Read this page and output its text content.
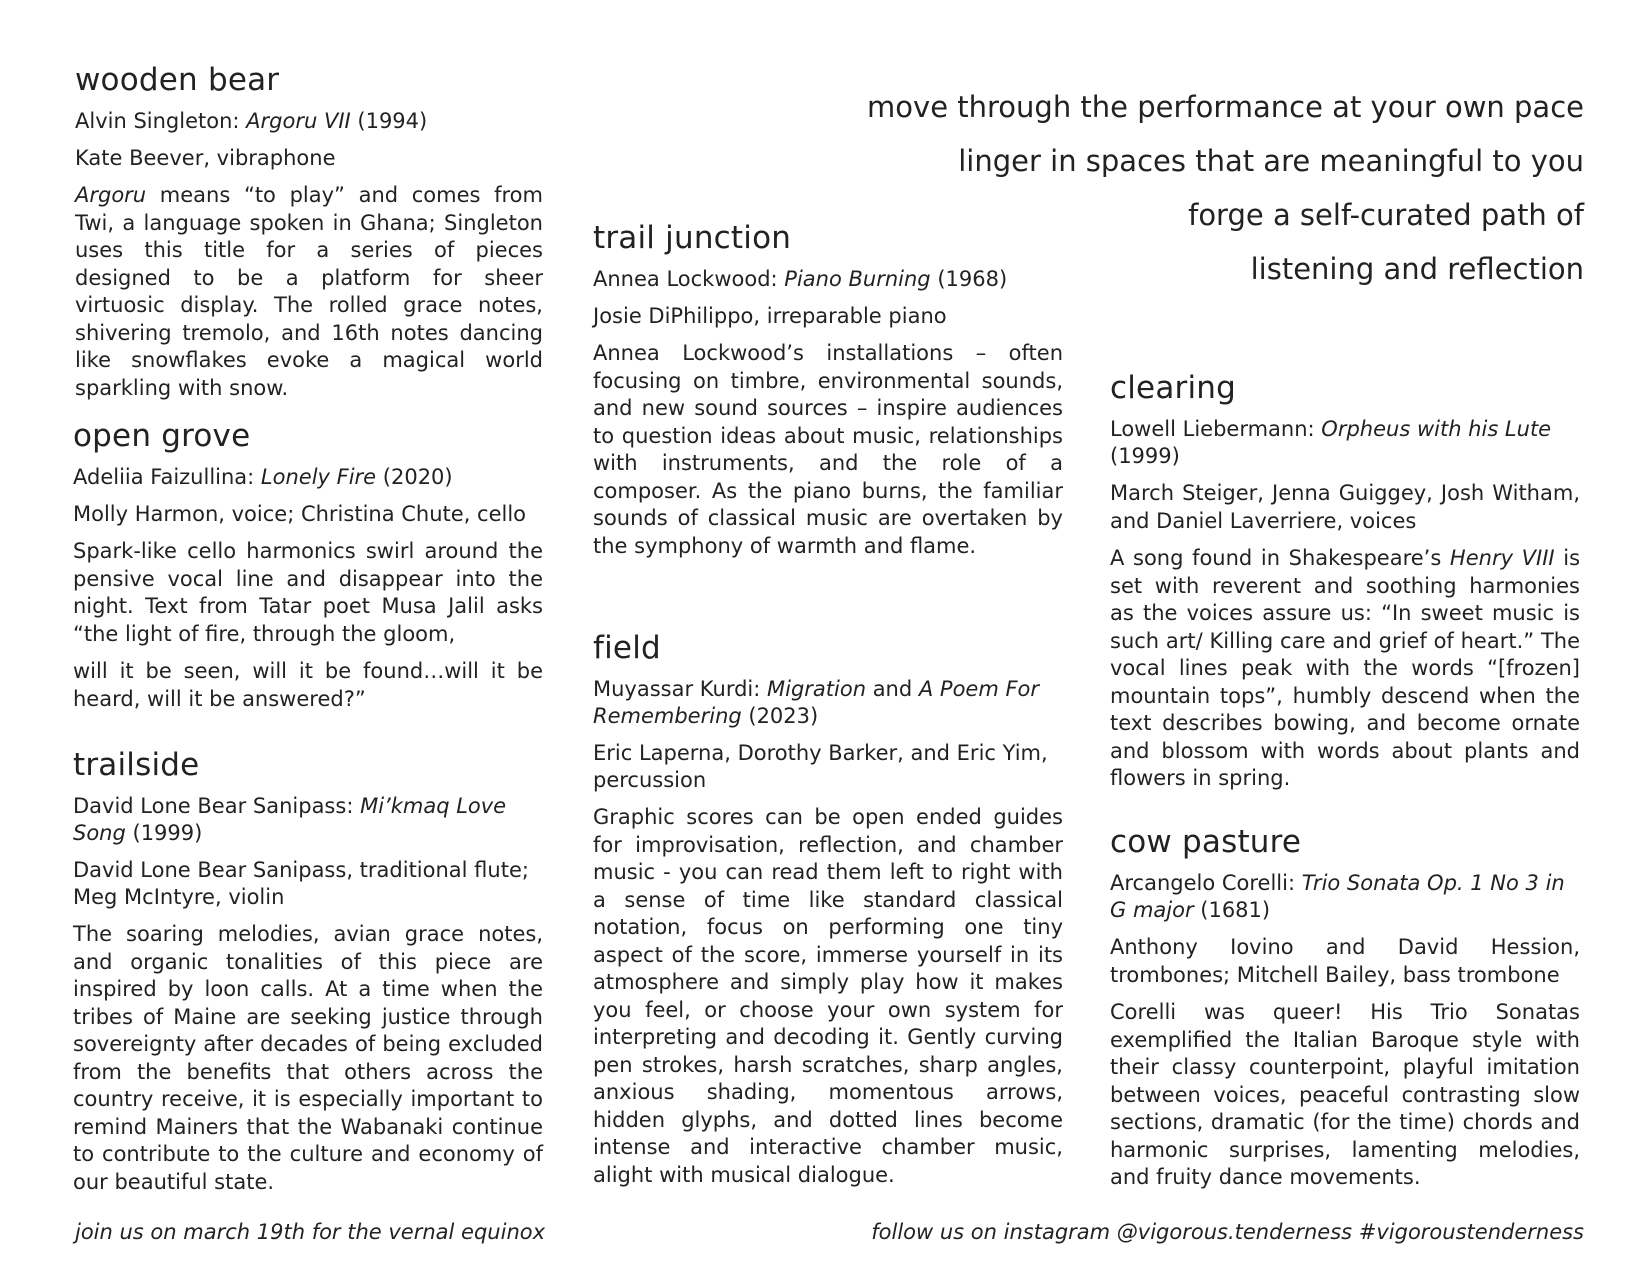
move through the performance at your own pace
linger in spaces that are meaningful to you
forge a self-curated path of
listening and reflection
wooden bear
Alvin Singleton: Argoru VII (1994)
Kate Beever, vibraphone
Argoru means “to play” and comes from Twi, a language spoken in Ghana; Singleton uses this title for a series of pieces designed to be a platform for sheer virtuosic display. The rolled grace notes, shivering tremolo, and 16th notes dancing like snowflakes evoke a magical world sparkling with snow.
open grove
Adeliia Faizullina: Lonely Fire (2020)
Molly Harmon, voice; Christina Chute, cello
Spark-like cello harmonics swirl around the pensive vocal line and disappear into the night. Text from Tatar poet Musa Jalil asks “the light of fire, through the gloom,
will it be seen, will it be found…will it be heard, will it be answered?”
trailside
David Lone Bear Sanipass: Mi’kmaq Love Song (1999)
David Lone Bear Sanipass, traditional flute; Meg McIntyre, violin
The soaring melodies, avian grace notes, and organic tonalities of this piece are inspired by loon calls. At a time when the tribes of Maine are seeking justice through sovereignty after decades of being excluded from the benefits that others across the country receive, it is especially important to remind Mainers that the Wabanaki continue to contribute to the culture and economy of our beautiful state.
trail junction
Annea Lockwood: Piano Burning (1968)
Josie DiPhilippo, irreparable piano
Annea Lockwood’s installations – often focusing on timbre, environmental sounds, and new sound sources – inspire audiences to question ideas about music, relationships with instruments, and the role of a composer. As the piano burns, the familiar sounds of classical music are overtaken by the symphony of warmth and flame.
field
Muyassar Kurdi: Migration and A Poem For Remembering (2023)
Eric Laperna, Dorothy Barker, and Eric Yim, percussion
Graphic scores can be open ended guides for improvisation, reflection, and chamber music - you can read them left to right with a sense of time like standard classical notation, focus on performing one tiny aspect of the score, immerse yourself in its atmosphere and simply play how it makes you feel, or choose your own system for interpreting and decoding it. Gently curving pen strokes, harsh scratches, sharp angles, anxious shading, momentous arrows, hidden glyphs, and dotted lines become intense and interactive chamber music, alight with musical dialogue.
clearing
Lowell Liebermann: Orpheus with his Lute (1999)
March Steiger, Jenna Guiggey, Josh Witham, and Daniel Laverriere, voices
A song found in Shakespeare’s Henry VIII is set with reverent and soothing harmonies as the voices assure us: “In sweet music is such art/ Killing care and grief of heart.” The vocal lines peak with the words “[frozen] mountain tops”, humbly descend when the text describes bowing, and become ornate and blossom with words about plants and flowers in spring.
cow pasture
Arcangelo Corelli: Trio Sonata Op. 1 No 3 in G major (1681)
Anthony Iovino and David Hession, trombones; Mitchell Bailey, bass trombone
Corelli was queer! His Trio Sonatas exemplified the Italian Baroque style with their classy counterpoint, playful imitation between voices, peaceful contrasting slow sections, dramatic (for the time) chords and harmonic surprises, lamenting melodies, and fruity dance movements.
join us on march 19th for the vernal equinox	follow us on instagram @vigorous.tenderness #vigoroustenderness
